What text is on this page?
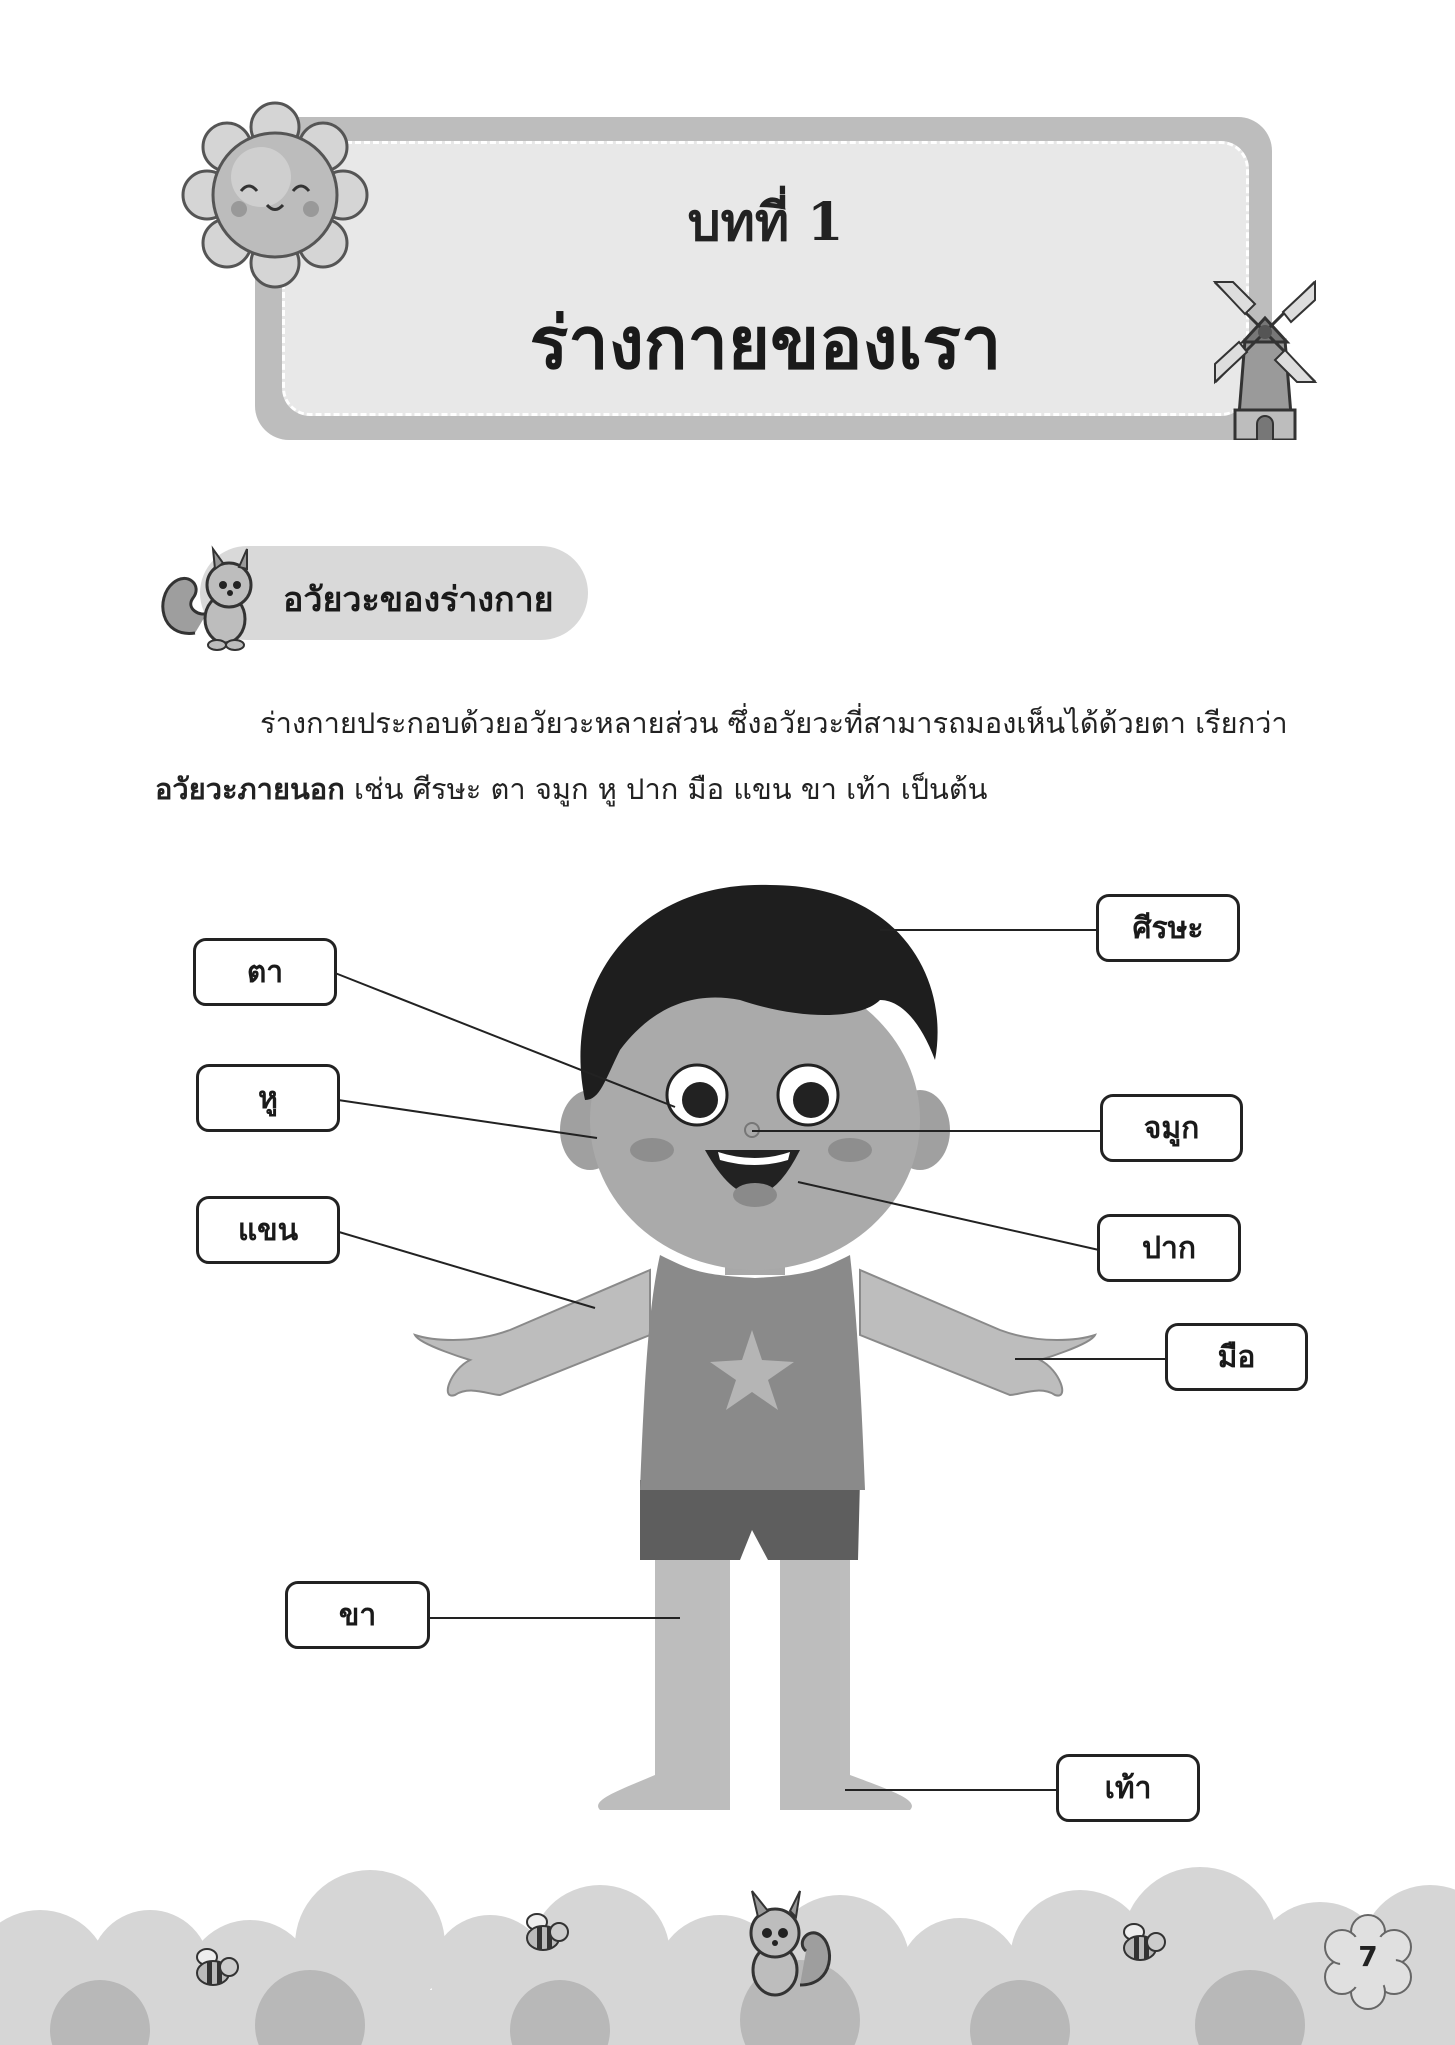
บทที่ 1
ร่างกายของเรา
อวัยวะของร่างกาย
ร่างกายประกอบด้วยอวัยวะหลายส่วน ซึ่งอวัยวะที่สามารถมองเห็นได้ด้วยตา เรียกว่า
อวัยวะภายนอก เช่น ศีรษะ ตา จมูก หู ปาก มือ แขน ขา เท้า เป็นต้น
ศีรษะ
ตา
หู
จมูก
แขน
ปาก
มือ
ขา
เท้า
7
